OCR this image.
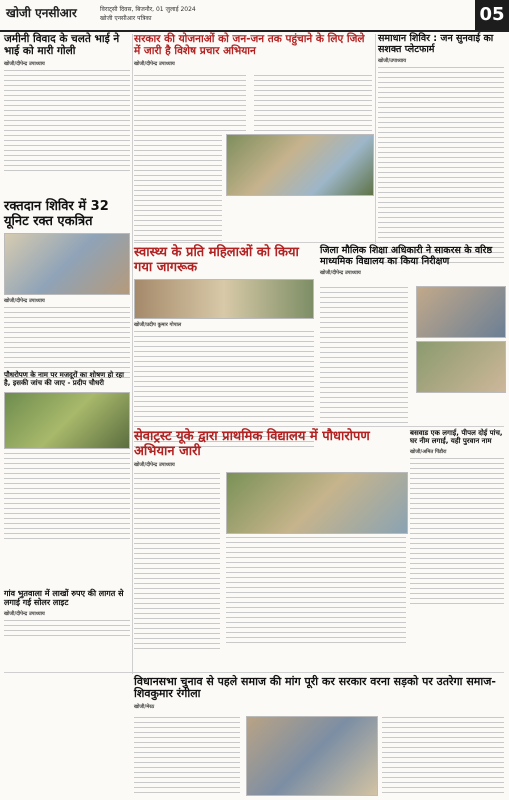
खोजी एनसीआर	विराट्सी दिवस, बिजनौर, 01 जुलाई 2024
खोजी एनसीआर पत्रिका	05
जमीनी विवाद के चलते भाई ने भाई को मारी गोली
खोजी/दीपेन्द्र उपाध्याय
सरकार की योजनाओं को जन-जन तक पहुंचाने के लिए जिले में जारी है विशेष प्रचार अभियान
खोजी/दीपेन्द्र उपाध्याय
समाधान शिविर : जन सुनवाई का सशक्त प्लेटफार्म
खोजी/उपाध्याय
रक्तदान शिविर में 32 यूनिट रक्त एकत्रित
खोजी/दीपेन्द्र उपाध्याय
स्वास्थ्य के प्रति महिलाओं को किया गया जागरूक
खोजी/प्रदीप कुमार गोपाल
जिला मौलिक शिक्षा अधिकारी ने साकरस के वरिष्ठ माध्यमिक विद्यालय का किया निरीक्षण
खोजी/दीपेन्द्र उपाध्याय
पौधरोपण के नाम पर मजदूरों का शोषण हो रहा है, इसकी जांच की जाए - प्रदीप चौधरी
सेवाट्रस्ट यूके द्वारा प्राथमिक विद्यालय में पौधारोपण अभियान जारी
खोजी/दीपेन्द्र उपाध्याय
बसवाड एक लगाई, पीपल दोई पांच, घर नीम लगाई, यही पुरवान नाम
खोजी/अमित पिंडौरा
गांव भुतवाला में लाखों रुपए की लागत से लगाई गई सोलर लाइट
खोजी/दीपेन्द्र उपाध्याय
विधानसभा चुनाव से पहले समाज की मांग पूरी कर सरकार वरना सड़को पर उतरेगा समाज-शिवकुमार रंगीला
खोजी/मेरठ
